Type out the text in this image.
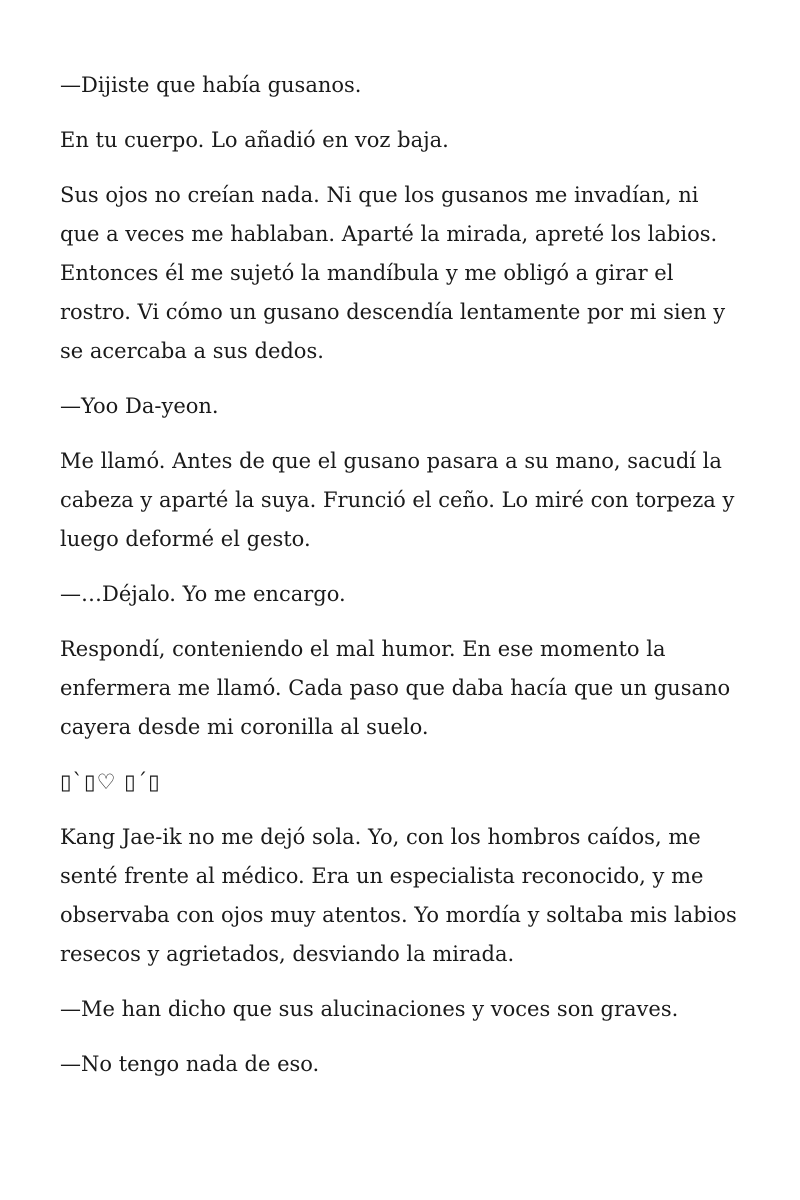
—Dijiste que había gusanos.

En tu cuerpo. Lo añadió en voz baja.

Sus ojos no creían nada. Ni que los gusanos me invadían, ni que a veces me hablaban. Aparté la mirada, apreté los labios. Entonces él me sujetó la mandíbula y me obligó a girar el rostro. Vi cómo un gusano descendía lentamente por mi sien y se acercaba a sus dedos.

—Yoo Da-yeon.

Me llamó. Antes de que el gusano pasara a su mano, sacudí la cabeza y aparté la suya. Frunció el ceño. Lo miré con torpeza y luego deformé el gesto.

—…Déjalo. Yo me encargo.

Respondí, conteniendo el mal humor. En ese momento la enfermera me llamó. Cada paso que daba hacía que un gusano cayera desde mi coronilla al suelo.

▯`▯♡ ▯´▯

Kang Jae-ik no me dejó sola. Yo, con los hombros caídos, me senté frente al médico. Era un especialista reconocido, y me observaba con ojos muy atentos. Yo mordía y soltaba mis labios resecos y agrietados, desviando la mirada.

—Me han dicho que sus alucinaciones y voces son graves.

—No tengo nada de eso.
